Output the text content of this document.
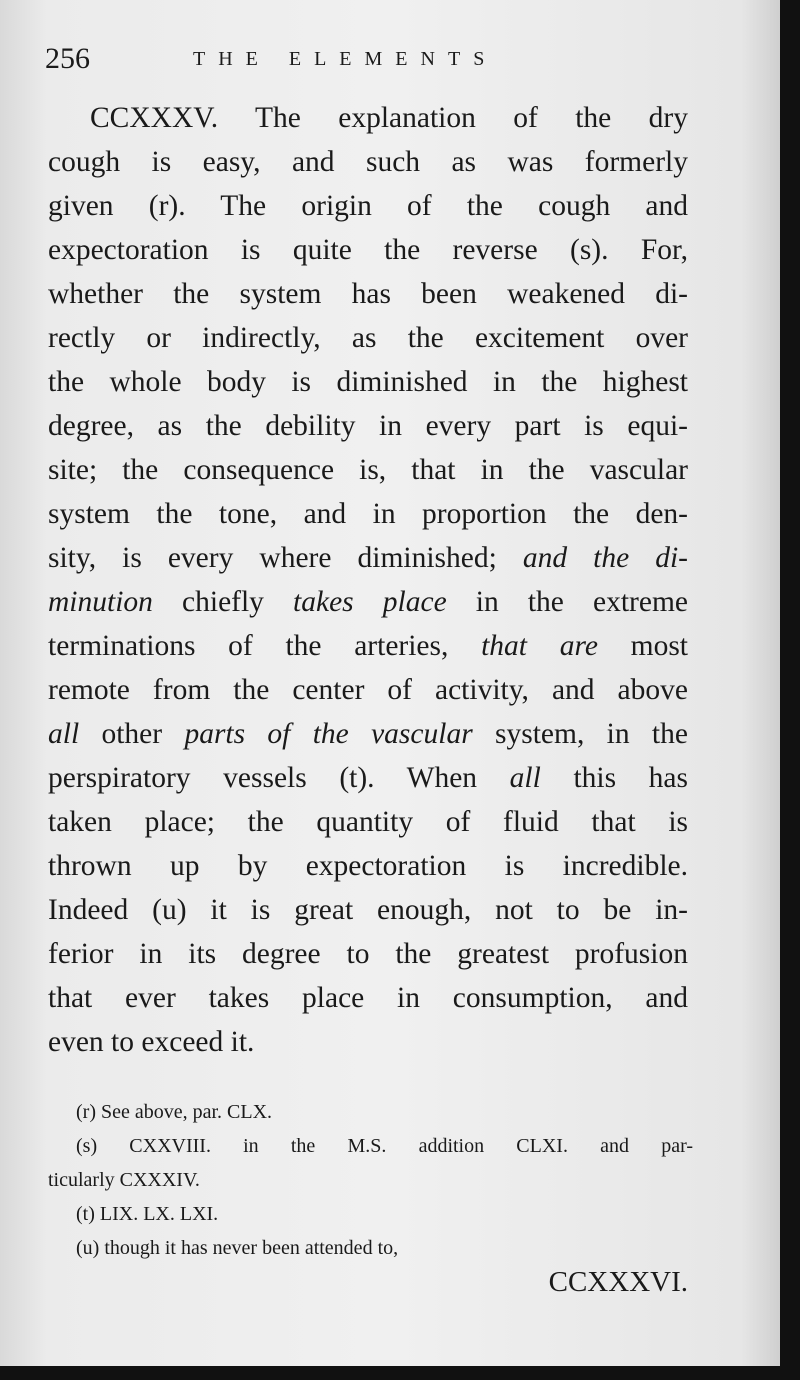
256	THE ELEMENTS
CCXXXV. The explanation of the dry
cough is easy, and such as was formerly
given (r). The origin of the cough and
expectoration is quite the reverse (s). For,
whether the system has been weakened di-
rectly or indirectly, as the excitement over
the whole body is diminished in the highest
degree, as the debility in every part is equi-
site; the consequence is, that in the vascular
system the tone, and in proportion the den-
sity, is every where diminished; and the di-
minution chiefly takes place in the extreme
terminations of the arteries, that are most
remote from the center of activity, and above
all other parts of the vascular system, in the
perspiratory vessels (t). When all this has
taken place; the quantity of fluid that is
thrown up by expectoration is incredible.
Indeed (u) it is great enough, not to be in-
ferior in its degree to the greatest profusion
that ever takes place in consumption, and
even to exceed it.
(r) See above, par. CLX.
(s) CXXVIII. in the M.S. addition CLXI. and par-
ticularly CXXXIV.
(t) LIX. LX. LXI.
(u) though it has never been attended to,
CCXXXVI.
